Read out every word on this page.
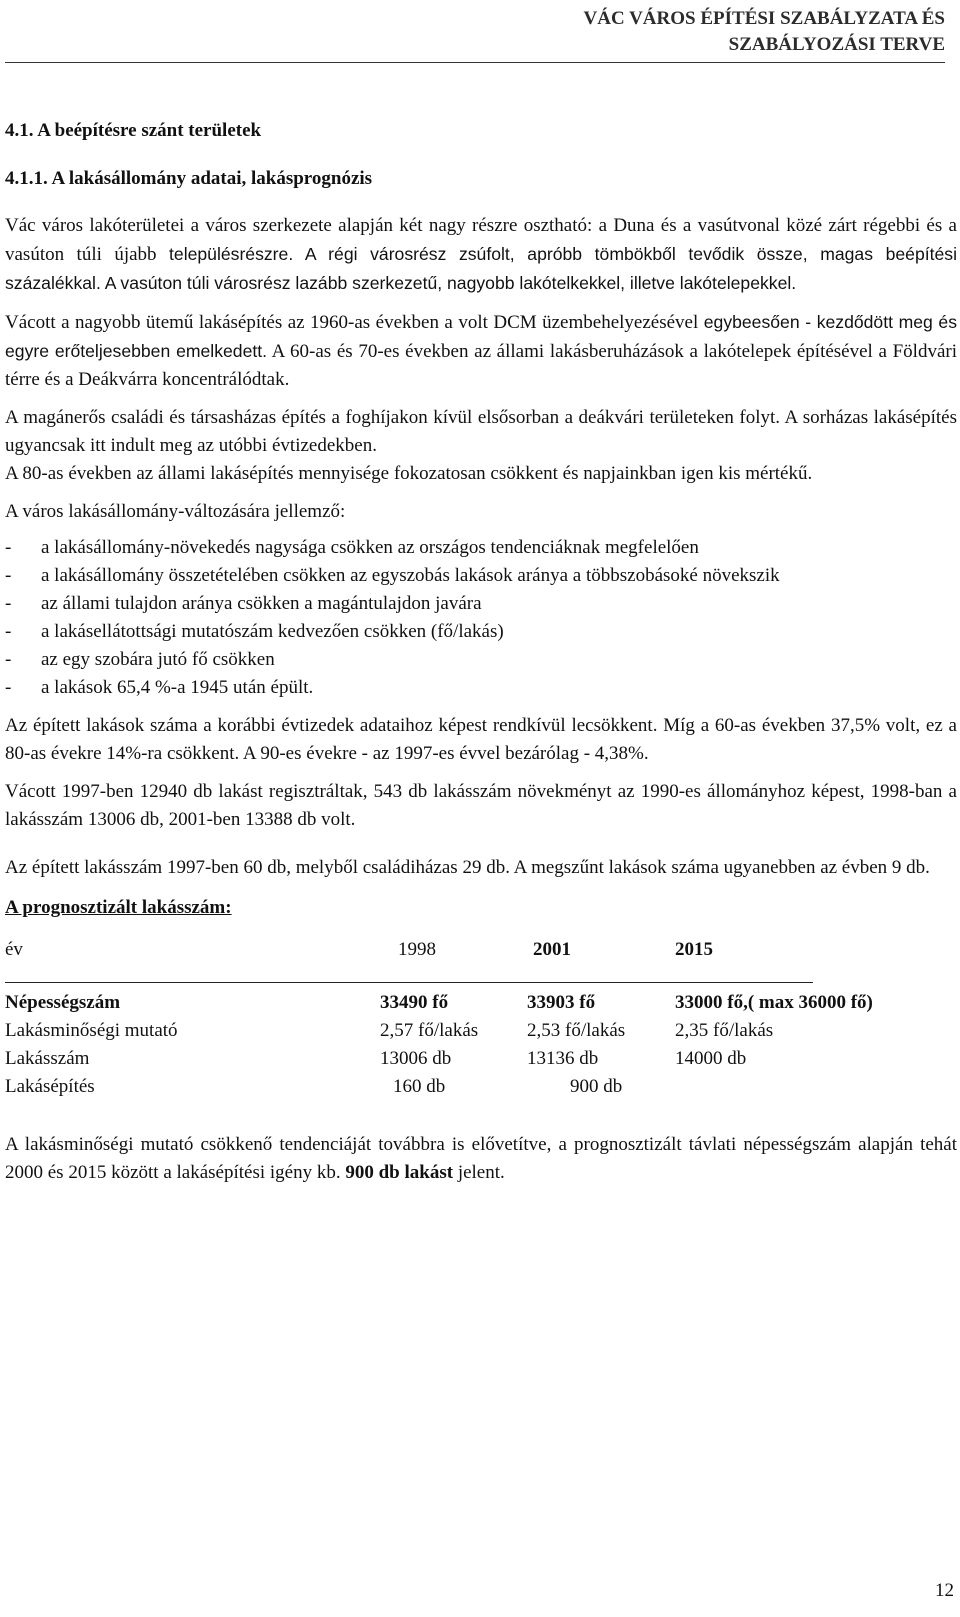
VÁC VÁROS ÉPÍTÉSI SZABÁLYZATA ÉS
SZABÁLYOZÁSI TERVE
4.1. A beépítésre szánt területek
4.1.1. A lakásállomány adatai, lakásprognózis

Vác város lakóterületei a város szerkezete alapján két nagy részre osztható: a Duna és a vasútvonal közé zárt régebbi és a vasúton túli újabb településrészre. A régi városrész zsúfolt, apróbb tömbökből tevődik össze, magas beépítési százalékkal. A vasúton túli városrész lazább szerkezetű, nagyobb lakótelkekkel, illetve lakótelepekkel.

Vácott a nagyobb ütemű lakásépítés az 1960-as években a volt DCM üzembehelyezésével egybeesően - kezdődött meg és egyre erőteljesebben emelkedett. A 60-as és 70-es években az állami lakásberuházások a lakótelepek építésével a Földvári térre és a Deákvárra koncentrálódtak.

A magánerős családi és társasházas építés a foghíjakon kívül elsősorban a deákvári területeken folyt. A sorházas lakásépítés ugyancsak itt indult meg az utóbbi évtizedekben.

A 80-as években az állami lakásépítés mennyisége fokozatosan csökkent és napjainkban igen kis mértékű.

A város lakásállomány-változására jellemző:

- a lakásállomány-növekedés nagysága csökken az országos tendenciáknak megfelelően
- a lakásállomány összetételében csökken az egyszobás lakások aránya a többszobásoké növekszik
- az állami tulajdon aránya csökken a magántulajdon javára
- a lakásellátottsági mutatószám kedvezően csökken (fő/lakás)
- az egy szobára jutó fő csökken
- a lakások 65,4 %-a 1945 után épült.

Az épített lakások száma a korábbi évtizedek adataihoz képest rendkívül lecsökkent. Míg a 60-as években 37,5% volt, ez a 80-as évekre 14%-ra csökkent. A 90-es évekre - az 1997-es évvel bezárólag - 4,38%.

Vácott 1997-ben 12940 db lakást regisztráltak, 543 db lakásszám növekményt az 1990-es állományhoz képest, 1998-ban a lakásszám 13006 db, 2001-ben 13388 db volt.

Az épített lakásszám 1997-ben 60 db, melyből családiházas 29 db. A megszűnt lakások száma ugyanebben az évben 9 db.

A prognosztizált lakásszám:
év	1998	2001	2015
Népességszám	33490 fő	33903 fő	33000 fő,( max 36000 fő)
Lakásminőségi mutató	2,57 fő/lakás	2,53 fő/lakás	2,35 fő/lakás
Lakásszám	13006 db	13136 db	14000 db
Lakásépítés	160 db	900 db

A lakásminőségi mutató csökkenő tendenciáját továbbra is elővetítve, a prognosztizált távlati népességszám alapján tehát 2000 és 2015 között a lakásépítési igény kb. 900 db lakást jelent.

12
